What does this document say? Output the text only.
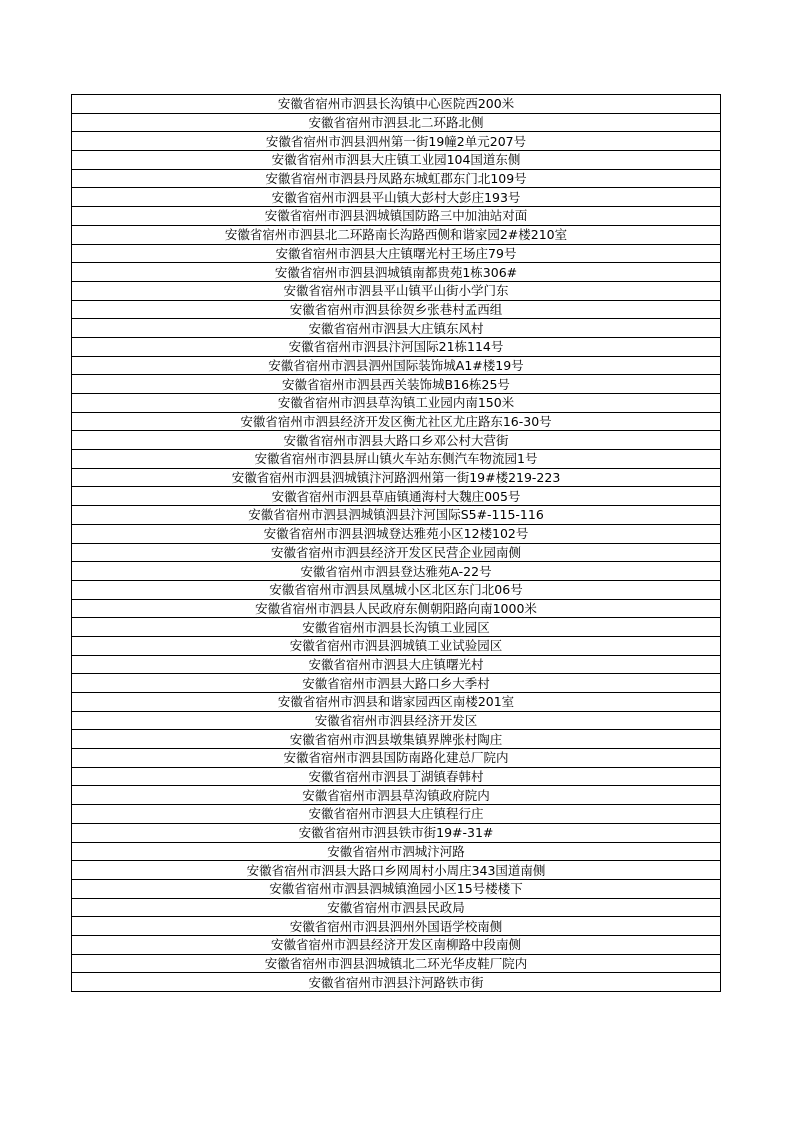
安徽省宿州市泗县长沟镇中心医院西200米
安徽省宿州市泗县北二环路北侧
安徽省宿州市泗县泗州第一街19幢2单元207号
安徽省宿州市泗县大庄镇工业园104国道东侧
安徽省宿州市泗县丹凤路东城虹郡东门北109号
安徽省宿州市泗县平山镇大彭村大彭庄193号
安徽省宿州市泗县泗城镇国防路三中加油站对面
安徽省宿州市泗县北二环路南长沟路西侧和谐家园2#楼210室
安徽省宿州市泗县大庄镇曙光村王场庄79号
安徽省宿州市泗县泗城镇南都贵苑1栋306#
安徽省宿州市泗县平山镇平山街小学门东
安徽省宿州市泗县徐贺乡张巷村孟西组
安徽省宿州市泗县大庄镇东风村
安徽省宿州市泗县汴河国际21栋114号
安徽省宿州市泗县泗州国际装饰城A1#楼19号
安徽省宿州市泗县西关装饰城B16栋25号
安徽省宿州市泗县草沟镇工业园内南150米
安徽省宿州市泗县经济开发区衡尤社区尤庄路东16-30号
安徽省宿州市泗县大路口乡邓公村大营街
安徽省宿州市泗县屏山镇火车站东侧汽车物流园1号
安徽省宿州市泗县泗城镇汴河路泗州第一街19#楼219-223
安徽省宿州市泗县草庙镇通海村大魏庄005号
安徽省宿州市泗县泗城镇泗县汴河国际S5#-115-116
安徽省宿州市泗县泗城登达雅苑小区12楼102号
安徽省宿州市泗县经济开发区民营企业园南侧
安徽省宿州市泗县登达雅苑A-22号
安徽省宿州市泗县凤凰城小区北区东门北06号
安徽省宿州市泗县人民政府东侧朝阳路向南1000米
安徽省宿州市泗县长沟镇工业园区
安徽省宿州市泗县泗城镇工业试验园区
安徽省宿州市泗县大庄镇曙光村
安徽省宿州市泗县大路口乡大季村
安徽省宿州市泗县和谐家园西区南楼201室
安徽省宿州市泗县经济开发区
安徽省宿州市泗县墩集镇界牌张村陶庄
安徽省宿州市泗县国防南路化建总厂院内
安徽省宿州市泗县丁湖镇春韩村
安徽省宿州市泗县草沟镇政府院内
安徽省宿州市泗县大庄镇程行庄
安徽省宿州市泗县铁市街19#-31#
安徽省宿州市泗城汴河路
安徽省宿州市泗县大路口乡网周村小周庄343国道南侧
安徽省宿州市泗县泗城镇渔园小区15号楼楼下
安徽省宿州市泗县民政局
安徽省宿州市泗县泗州外国语学校南侧
安徽省宿州市泗县经济开发区南柳路中段南侧
安徽省宿州市泗县泗城镇北二环光华皮鞋厂院内
安徽省宿州市泗县汴河路铁市街
